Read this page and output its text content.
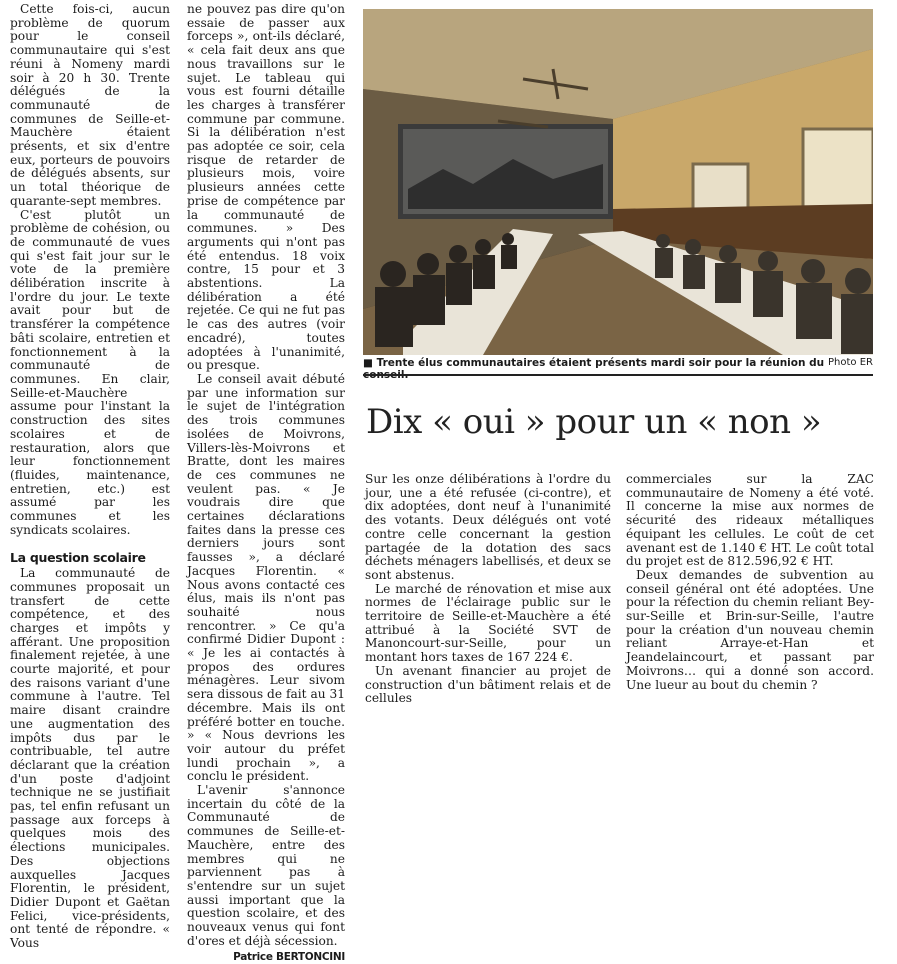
Cette fois-ci, aucun problème de quorum pour le conseil communautaire qui s'est réuni à Nomeny mardi soir à 20 h 30. Trente délégués de la communauté de communes de Seille-et-Mauchère étaient présents, et six d'entre eux, porteurs de pouvoirs de délégués absents, sur un total théorique de quarante-sept membres.

C'est plutôt un problème de cohésion, ou de communauté de vues qui s'est fait jour sur le vote de la première délibération inscrite à l'ordre du jour. Le texte avait pour but de transférer la compétence bâti scolaire, entretien et fonctionnement à la communauté de communes. En clair, Seille-et-Mauchère assume pour l'instant la construction des sites scolaires et de restauration, alors que leur fonctionnement (fluides, maintenance, entretien, etc.) est assumé par les communes et les syndicats scolaires.

La question scolaire

La communauté de communes proposait un transfert de cette compétence, et des charges et impôts y afférant. Une proposition finalement rejetée, à une courte majorité, et pour des raisons variant d'une commune à l'autre. Tel maire disant craindre une augmentation des impôts dus par le contribuable, tel autre déclarant que la création d'un poste d'adjoint technique ne se justifiait pas, tel enfin refusant un passage aux forceps à quelques mois des élections municipales. Des objections auxquelles Jacques Florentin, le président, Didier Dupont et Gaëtan Felici, vice-présidents, ont tenté de répondre. « Vous

ne pouvez pas dire qu'on essaie de passer aux forceps », ont-ils déclaré, « cela fait deux ans que nous travaillons sur le sujet. Le tableau qui vous est fourni détaille les charges à transférer commune par commune. Si la délibération n'est pas adoptée ce soir, cela risque de retarder de plusieurs mois, voire plusieurs années cette prise de compétence par la communauté de communes. » Des arguments qui n'ont pas été entendus. 18 voix contre, 15 pour et 3 abstentions. La délibération a été rejetée. Ce qui ne fut pas le cas des autres (voir encadré), toutes adoptées à l'unanimité, ou presque.

Le conseil avait débuté par une information sur le sujet de l'intégration des trois communes isolées de Moivrons, Villers-lès-Moivrons et Bratte, dont les maires de ces communes ne veulent pas. « Je voudrais dire que certaines déclarations faites dans la presse ces derniers jours sont fausses », a déclaré Jacques Florentin. « Nous avons contacté ces élus, mais ils n'ont pas souhaité nous rencontrer. » Ce qu'a confirmé Didier Dupont : « Je les ai contactés à propos des ordures ménagères. Leur sivom sera dissous de fait au 31 décembre. Mais ils ont préféré botter en touche. » « Nous devrions les voir autour du préfet lundi prochain », a conclu le président.

L'avenir s'annonce incertain du côté de la Communauté de communes de Seille-et-Mauchère, entre des membres qui ne parviennent pas à s'entendre sur un sujet aussi important que la question scolaire, et des nouveaux venus qui font d'ores et déjà sécession.

Patrice BERTONCINI
■ Trente élus communautaires étaient présents mardi soir pour la réunion du Photo ER
Dix « oui » pour un « non »

Sur les onze délibérations à l'ordre du jour, une a été refusée (ci-contre), et dix adoptées, dont neuf à l'unanimité des votants. Deux délégués ont voté contre celle concernant la gestion partagée de la dotation des sacs déchets ménagers labellisés, et deux se sont abstenus.

Le marché de rénovation et mise aux normes de l'éclairage public sur le territoire de Seille-et-Mauchère a été attribué à la Société SVT de Manoncourt-sur-Seille, pour un montant hors taxes de 167 224 €.

Un avenant financier au projet de construction d'un bâtiment relais et de cellules

commerciales sur la ZAC communautaire de Nomeny a été voté. Il concerne la mise aux normes de sécurité des rideaux métalliques équipant les cellules. Le coût de cet avenant est de 1.140 € HT. Le coût total du projet est de 812.596,92 € HT.

Deux demandes de subvention au conseil général ont été adoptées. Une pour la réfection du chemin reliant Bey-sur-Seille et Brin-sur-Seille, l'autre pour la création d'un nouveau chemin reliant Arraye-et-Han et Jeandelaincourt, et passant par Moivrons… qui a donné son accord. Une lueur au bout du chemin ?
